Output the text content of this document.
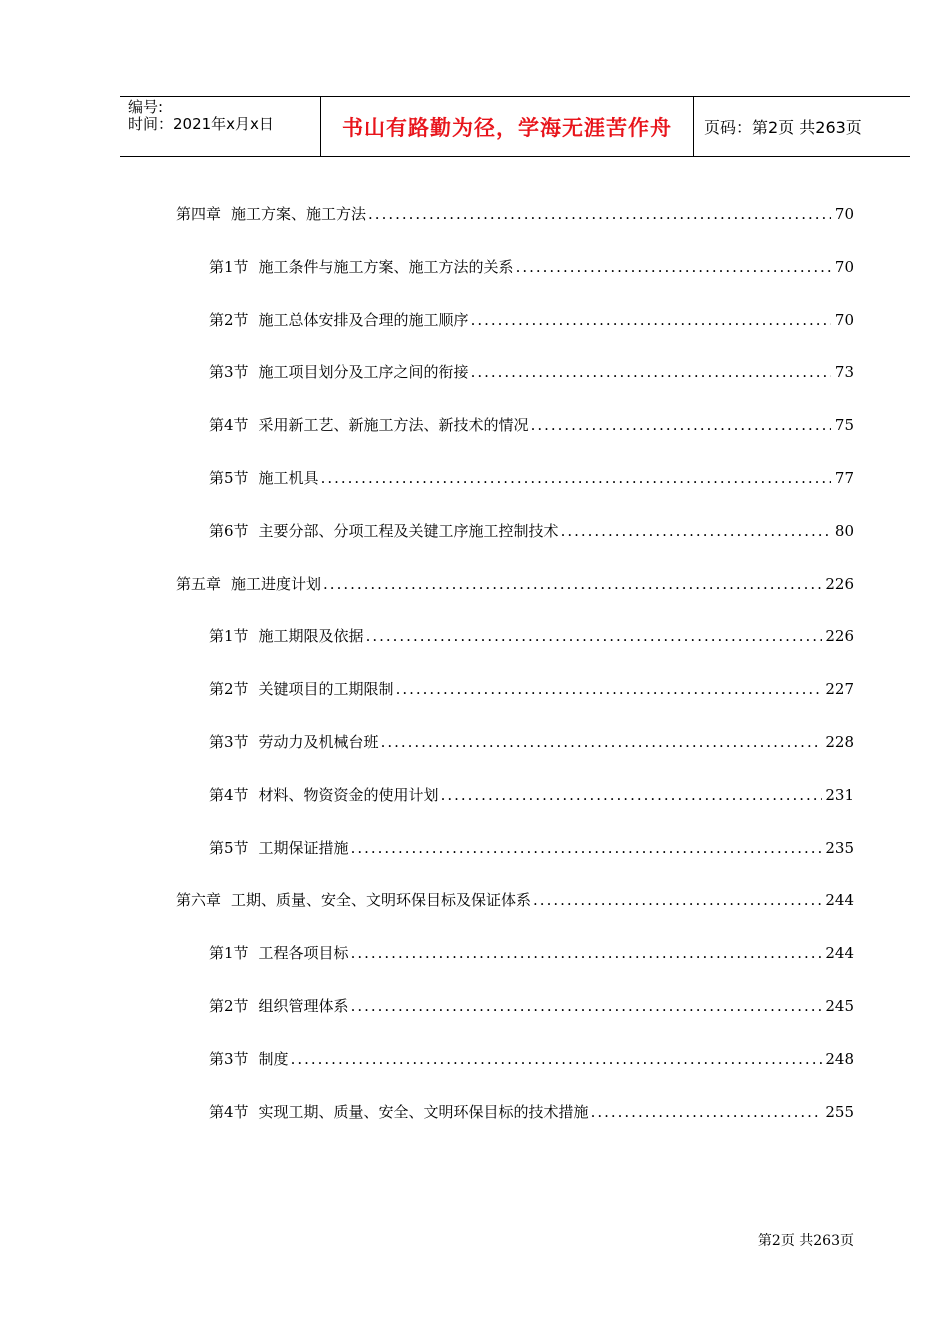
编号:
时间：2021年x月x日	书山有路勤为径，学海无涯苦作舟	页码：第2页 共263页
第四章 施工方案、施工方法 .....	70
第1节 施工条件与施工方案、施工方法的关系 .....	70
第2节 施工总体安排及合理的施工顺序 .....	70
第3节 施工项目划分及工序之间的衔接 .....	73
第4节 采用新工艺、新施工方法、新技术的情况 .....	75
第5节 施工机具 .....	77
第6节 主要分部、分项工程及关键工序施工控制技术 .....	80
第五章 施工进度计划 .....	226
第1节 施工期限及依据 .....	226
第2节 关键项目的工期限制 .....	227
第3节 劳动力及机械台班 .....	228
第4节 材料、物资资金的使用计划 .....	231
第5节 工期保证措施 .....	235
第六章 工期、质量、安全、文明环保目标及保证体系 .....	244
第1节 工程各项目标 .....	244
第2节 组织管理体系 .....	245
第3节 制度 .....	248
第4节 实现工期、质量、安全、文明环保目标的技术措施 .....	255
第2页 共263页
